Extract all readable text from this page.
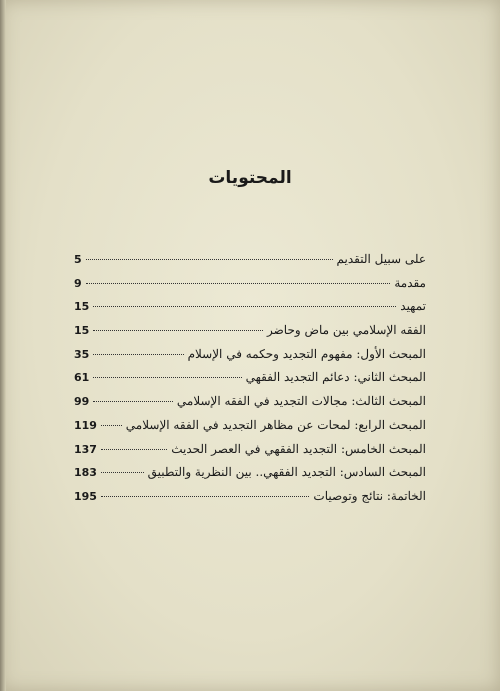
المحتويات
على سبيل التقديم
5
مقدمة
9
تمهيد
15
الفقه الإسلامي بين ماض وحاضر
15
المبحث الأول: مفهوم التجديد وحكمه في الإسلام
35
المبحث الثاني: دعائم التجديد الفقهي
61
المبحث الثالث: مجالات التجديد في الفقه الإسلامي
99
المبحث الرابع: لمحات عن مظاهر التجديد في الفقه الإسلامي
119
المبحث الخامس: التجديد الفقهي في العصر الحديث
137
المبحث السادس: التجديد الفقهي.. بين النظرية والتطبيق
183
الخاتمة: نتائج وتوصيات
195
